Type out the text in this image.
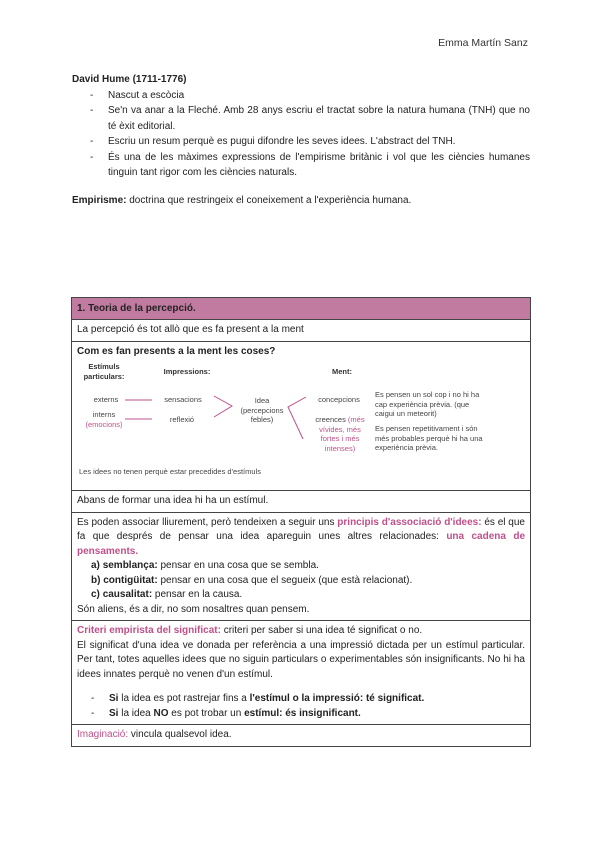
Emma Martín Sanz
David Hume (1711-1776)
- Nascut a escòcia
- Se'n va anar a la Fleché. Amb 28 anys escriu el tractat sobre la natura humana (TNH) que no té èxit editorial.
- Escriu un resum perquè es pugui difondre les seves idees. L'abstract del TNH.
- És una de les màximes expressions de l'empirisme britànic i vol que les ciències humanes tinguin tant rigor com les ciències naturals.
Empirisme: doctrina que restringeix el coneixement a l'experiència humana.
1. Teoria de la percepció.
La percepció és tot allò que es fa present a la ment
Com es fan presents a la ment les coses?
Estímuls particulars:	Impressions:	Ment:
externs
interns
(emocions)
sensacions
reflexió
Idea (percepcions febles)
concepcions
creences (més vívides, més fortes i més intenses)
Es pensen un sol cop i no hi ha cap experiència prèvia. (que caigui un meteorit)
Es pensen repetitivament i són més probables perquè hi ha una experiència prèvia.
Les idees no tenen perquè estar precedides d'estímuls
Abans de formar una idea hi ha un estímul.
Es poden associar lliurement, però tendeixen a seguir uns principis d'associació d'idees: és el que fa que després de pensar una idea apareguin unes altres relacionades: una cadena de pensaments.
a) semblança: pensar en una cosa que se sembla.
b) contigüitat: pensar en una cosa que el segueix (que està relacionat).
c) causalitat: pensar en la causa.
Són aliens, és a dir, no som nosaltres quan pensem.
Criteri empirista del significat: criteri per saber si una idea té significat o no.
El significat d'una idea ve donada per referència a una impressió dictada per un estímul particular. Per tant, totes aquelles idees que no siguin particulars o experimentables són insignificants. No hi ha idees innates perquè no venen d'un estímul.
- Si la idea es pot rastrejar fins a l'estímul o la impressió: té significat.
- Si la idea NO es pot trobar un estímul: és insignificant.
Imaginació: vincula qualsevol idea.
